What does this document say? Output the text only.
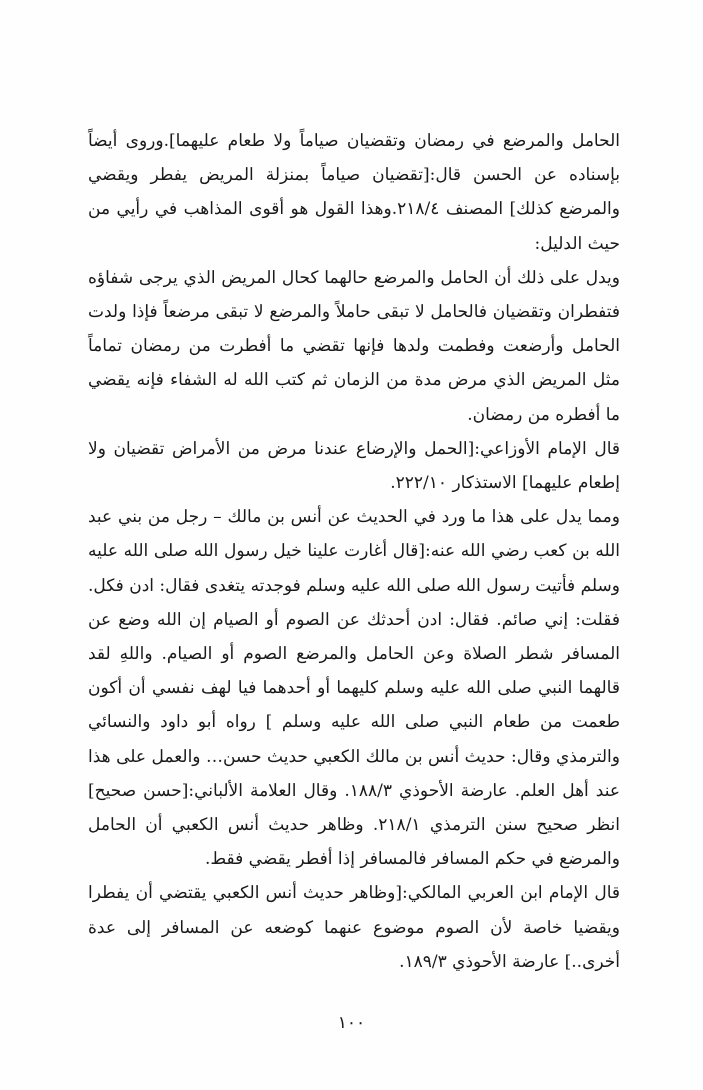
الحامل والمرضع في رمضان وتقضيان صياماً ولا طعام عليهما].وروى أيضاً بإسناده عن الحسن قال:[تقضيان صياماً بمنزلة المريض يفطر ويقضي والمرضع كذلك] المصنف ٢١٨/٤.وهذا القول هو أقوى المذاهب في رأيي من حيث الدليل:

ويدل على ذلك أن الحامل والمرضع حالهما كحال المريض الذي يرجى شفاؤه فتفطران وتقضيان فالحامل لا تبقى حاملاً والمرضع لا تبقى مرضعاً فإذا ولدت الحامل وأرضعت وفطمت ولدها فإنها تقضي ما أفطرت من رمضان تماماً مثل المريض الذي مرض مدة من الزمان ثم كتب الله له الشفاء فإنه يقضي ما أفطره من رمضان.

قال الإمام الأوزاعي:[الحمل والإرضاع عندنا مرض من الأمراض تقضيان ولا إطعام عليهما] الاستذكار ٢٢٢/١٠.

ومما يدل على هذا ما ورد في الحديث عن أنس بن مالك – رجل من بني عبد الله بن كعب رضي الله عنه:[قال أغارت علينا خيل رسول الله صلى الله عليه وسلم فأتيت رسول الله صلى الله عليه وسلم فوجدته يتغدى فقال: ادن فكل. فقلت: إني صائم. فقال: ادن أحدثك عن الصوم أو الصيام إن الله وضع عن المسافر شطر الصلاة وعن الحامل والمرضع الصوم أو الصيام. واللهِ لقد قالهما النبي صلى الله عليه وسلم كليهما أو أحدهما فيا لهف نفسي أن أكون طعمت من طعام النبي صلى الله عليه وسلم ] رواه أبو داود والنسائي والترمذي وقال: حديث أنس بن مالك الكعبي حديث حسن… والعمل على هذا عند أهل العلم. عارضة الأحوذي ١٨٨/٣. وقال العلامة الألباني:[حسن صحيح] انظر صحيح سنن الترمذي ٢١٨/١. وظاهر حديث أنس الكعبي أن الحامل والمرضع في حكم المسافر فالمسافر إذا أفطر يقضي فقط.

قال الإمام ابن العربي المالكي:[وظاهر حديث أنس الكعبي يقتضي أن يفطرا ويقضيا خاصة لأن الصوم موضوع عنهما كوضعه عن المسافر إلى عدة أخرى..] عارضة الأحوذي ١٨٩/٣.

١٠٠
